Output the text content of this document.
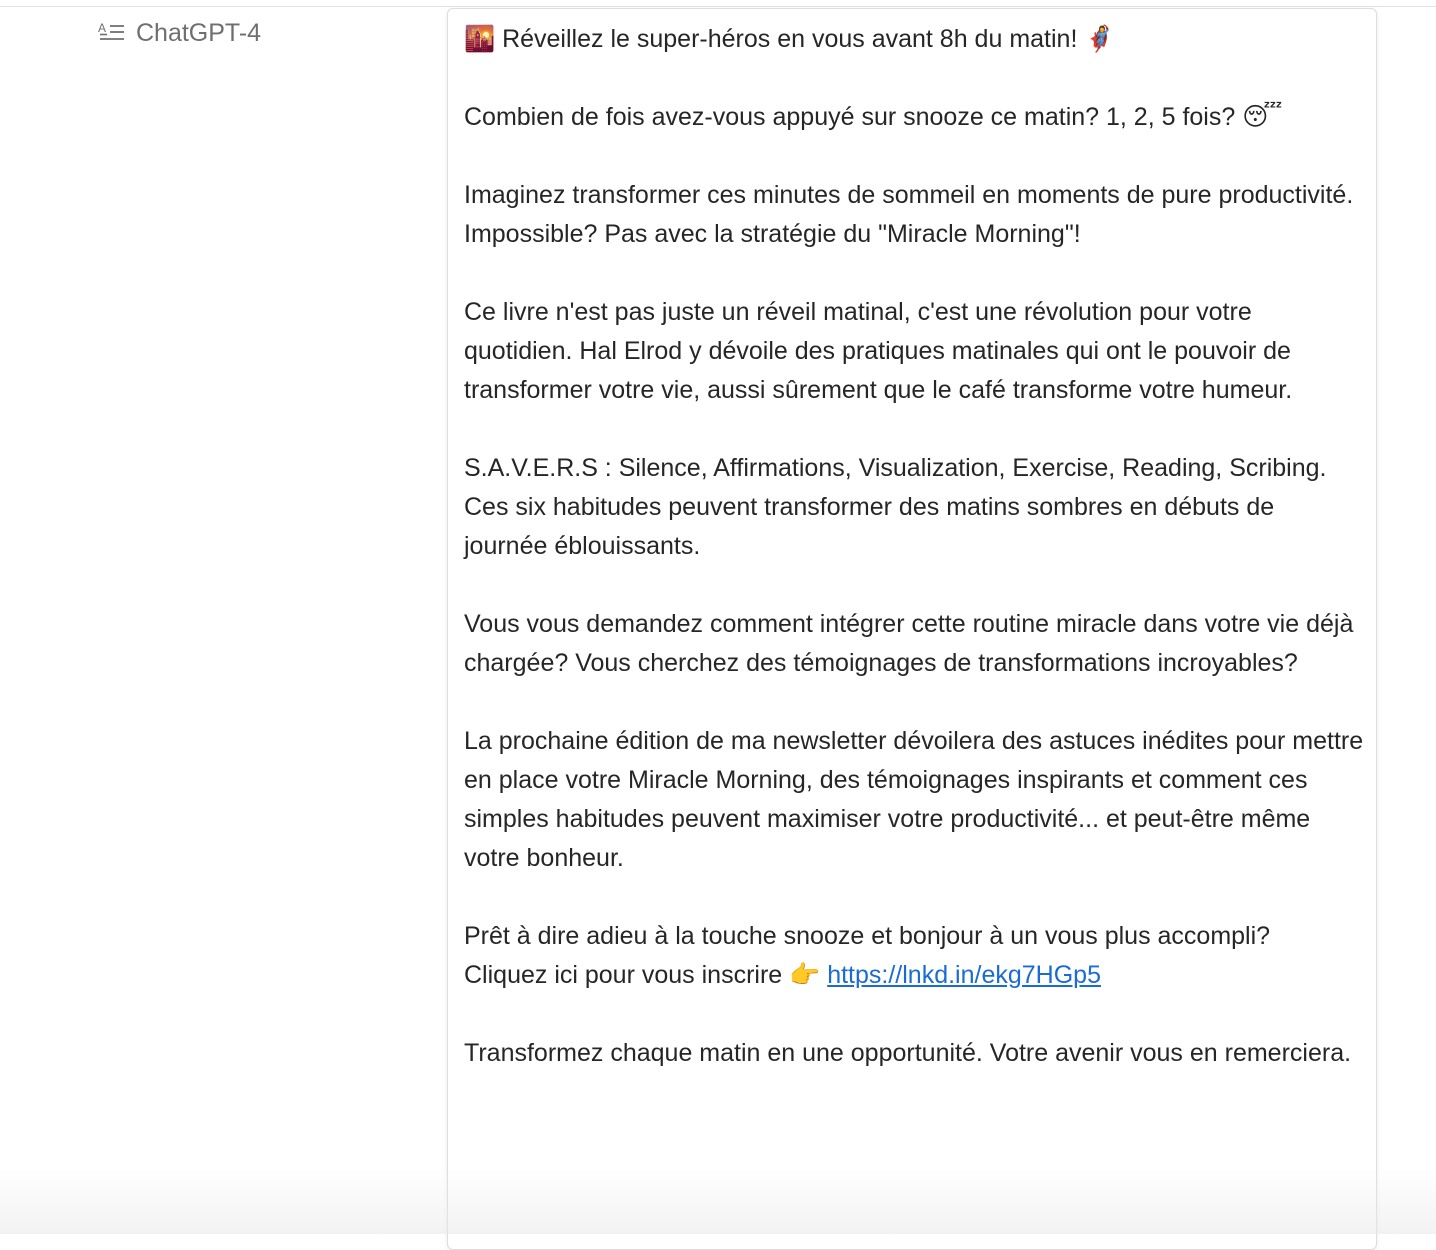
A ChatGPT-4	🌇 Réveillez le super-héros en vous avant 8h du matin! 🦸‍♀️

Combien de fois avez-vous appuyé sur snooze ce matin? 1, 2, 5 fois? 😴

Imaginez transformer ces minutes de sommeil en moments de pure productivité. Impossible? Pas avec la stratégie du "Miracle Morning"!

Ce livre n'est pas juste un réveil matinal, c'est une révolution pour votre quotidien. Hal Elrod y dévoile des pratiques matinales qui ont le pouvoir de transformer votre vie, aussi sûrement que le café transforme votre humeur.

S.A.V.E.R.S : Silence, Affirmations, Visualization, Exercise, Reading, Scribing. Ces six habitudes peuvent transformer des matins sombres en débuts de journée éblouissants.

Vous vous demandez comment intégrer cette routine miracle dans votre vie déjà chargée? Vous cherchez des témoignages de transformations incroyables?

La prochaine édition de ma newsletter dévoilera des astuces inédites pour mettre en place votre Miracle Morning, des témoignages inspirants et comment ces simples habitudes peuvent maximiser votre productivité... et peut-être même votre bonheur.

Prêt à dire adieu à la touche snooze et bonjour à un vous plus accompli?
Cliquez ici pour vous inscrire 👉 https://lnkd.in/ekg7HGp5

Transformez chaque matin en une opportunité. Votre avenir vous en remerciera.
